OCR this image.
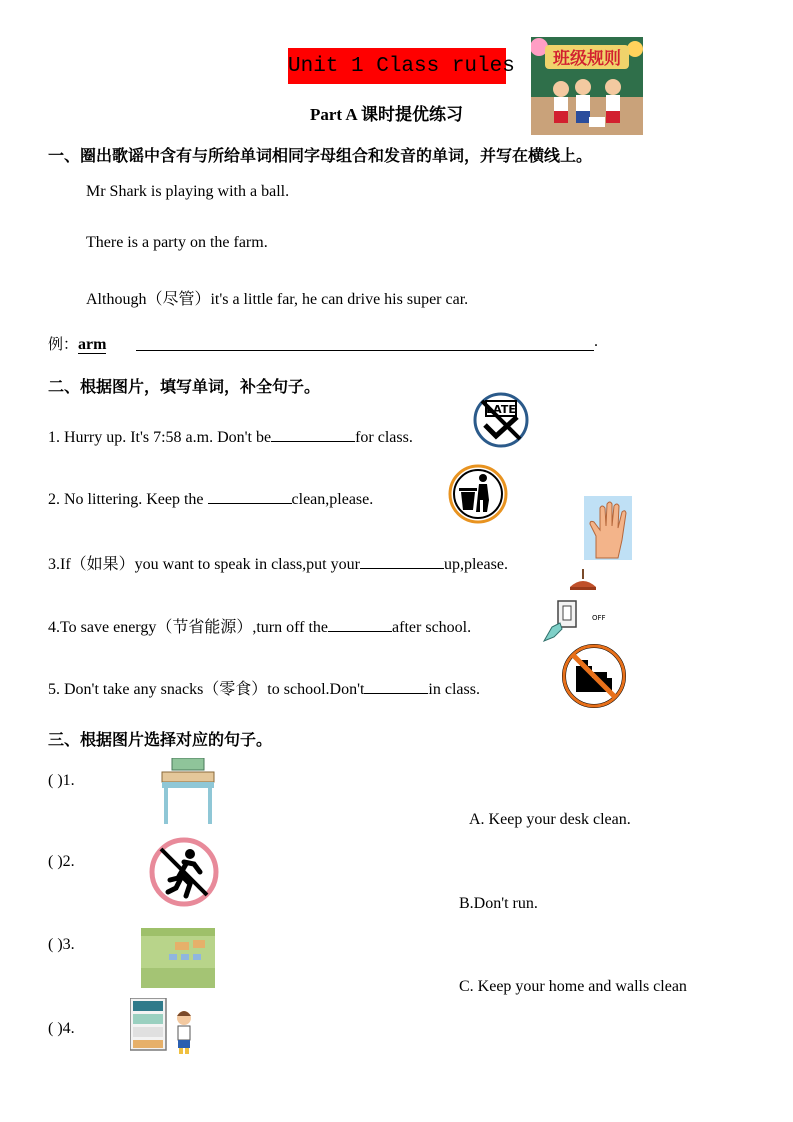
Unit 1 Class rules 班级规则
Part A 课时提优练习
一、圈出歌谣中含有与所给单词相同字母组合和发音的单词，并写在横线上。
Mr Shark is playing with a ball.
There is a party on the farm.
Although（尽管）it's a little far, he can drive his super car.
例：arm	.
二、根据图片，填写单词，补全句子。
1. Hurry up. It's 7:58 a.m. Don't be	for class.
LATE
2. No littering. Keep the	clean,please.
3.If（如果）you want to speak in class,put your	up,please.
4.To save energy（节省能源）,turn off the	after school.
OFF
5. Don't take any snacks（零食）to school.Don't	in class.
三、根据图片选择对应的句子。
( )1.
( )2.
( )3.
( )4.
A. Keep your desk clean.
B.Don't run.
C. Keep your home and walls clean
